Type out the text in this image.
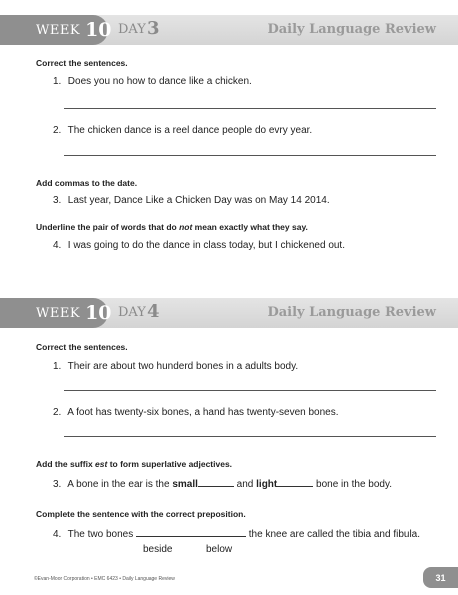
WEEK 10 DAY 3	Daily Language Review
Correct the sentences.
1. Does you no how to dance like a chicken.
2. The chicken dance is a reel dance people do evry year.
Add commas to the date.
3. Last year, Dance Like a Chicken Day was on May 14 2014.
Underline the pair of words that do not mean exactly what they say.
4. I was going to do the dance in class today, but I chickened out.
WEEK 10 DAY 4	Daily Language Review
Correct the sentences.
1. Their are about two hunderd bones in a adults body.
2. A foot has twenty-six bones, a hand has twenty-seven bones.
Add the suffix est to form superlative adjectives.
3. A bone in the ear is the small	and light	bone in the body.
Complete the sentence with the correct preposition.
4. The two bones	the knee are called the tibia and fibula.
beside	below
©Evan-Moor Corporation • EMC 6423 • Daily Language Review	31
